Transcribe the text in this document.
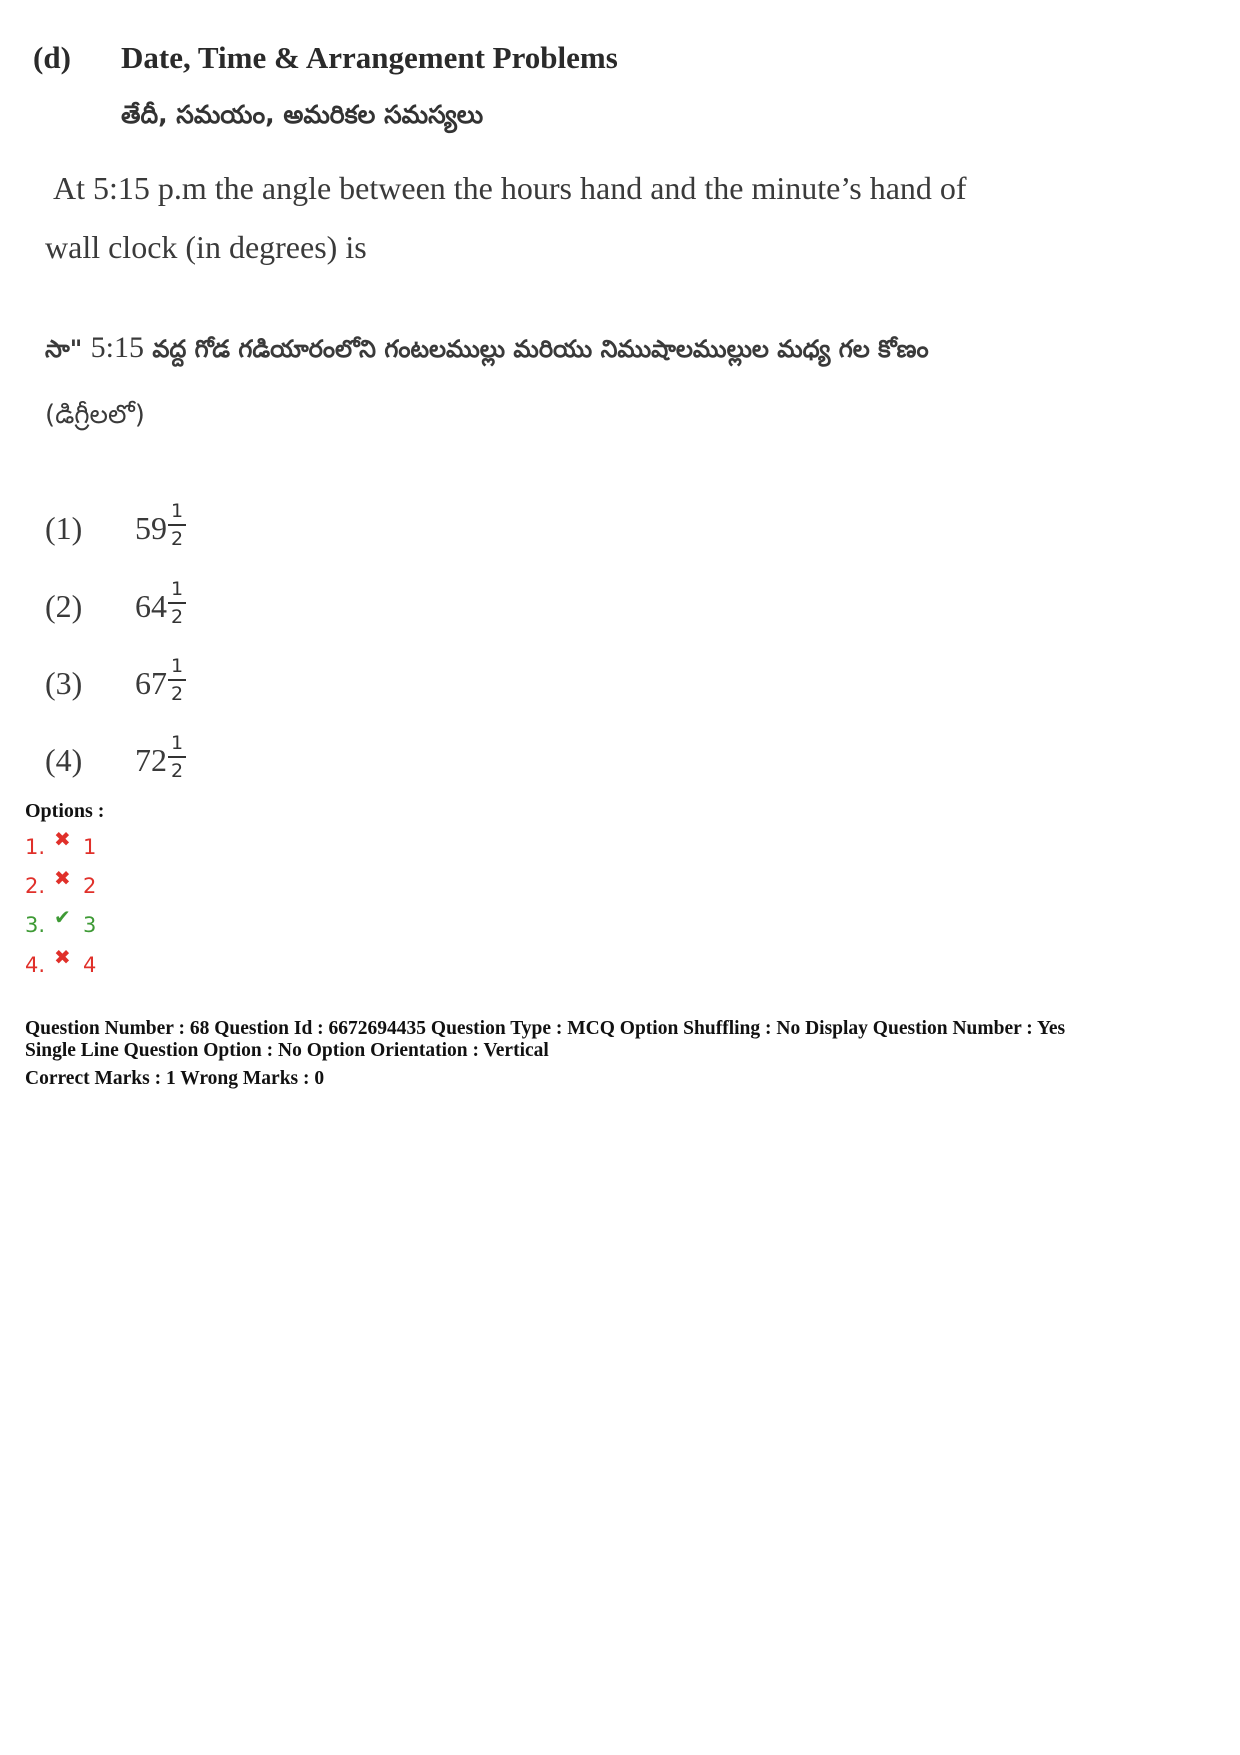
(d) Date, Time & Arrangement Problems
తేదీ, సమయం, అమరికల సమస్యలు
At 5:15 p.m the angle between the hours hand and the minute’s hand of
wall clock (in degrees) is
సా" 5:15 వద్ద గోడ గడియారంలోని గంటలముల్లు మరియు నిముషాలముల్లుల మధ్య గల కోణం
(డిగ్రీలలో)
(1) 59 1
2
(2) 64 1
2
(3) 67 1
2
(4) 72 1
2
Options :
1. ✖ 1
2. ✖ 2
3. ✔ 3
4. ✖ 4
Question Number : 68 Question Id : 6672694435 Question Type : MCQ Option Shuffling : No Display Question Number : Yes
Single Line Question Option : No Option Orientation : Vertical
Correct Marks : 1 Wrong Marks : 0
